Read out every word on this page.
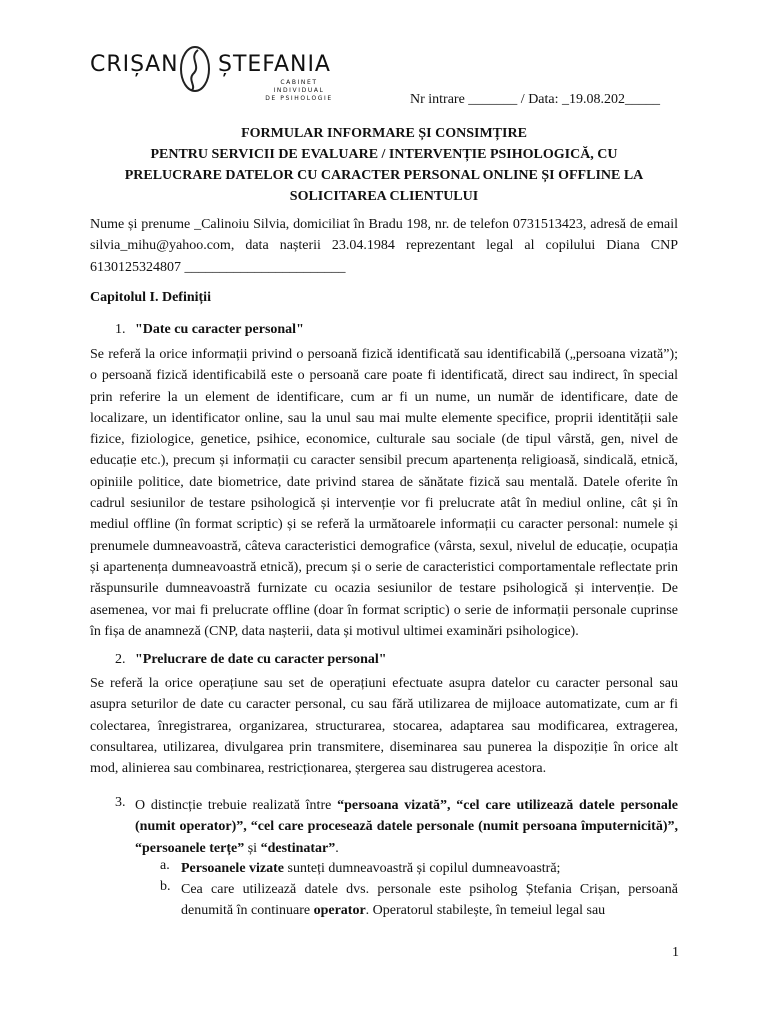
CRIȘAN ȘTEFANIA
CABINET INDIVIDUAL
DE PSIHOLOGIE	Nr intrare _______ / Data: _19.08.202_____
FORMULAR INFORMARE ȘI CONSIMȚIRE
PENTRU SERVICII DE EVALUARE / INTERVENȚIE PSIHOLOGICĂ, CU
PRELUCRARE DATELOR CU CARACTER PERSONAL ONLINE ȘI OFFLINE LA
SOLICITAREA CLIENTULUI
Nume și prenume _Calinoiu Silvia, domiciliat în Bradu 198, nr. de telefon 0731513423, adresă de email silvia_mihu@yahoo.com, data nașterii 23.04.1984 reprezentant legal al copilului Diana CNP 6130125324807 _______________________
Capitolul I. Definiții
1. "Date cu caracter personal"
Se referă la orice informații privind o persoană fizică identificată sau identificabilă („persoana vizată”); o persoană fizică identificabilă este o persoană care poate fi identificată, direct sau indirect, în special prin referire la un element de identificare, cum ar fi un nume, un număr de identificare, date de localizare, un identificator online, sau la unul sau mai multe elemente specifice, proprii identității sale fizice, fiziologice, genetice, psihice, economice, culturale sau sociale (de tipul vârstă, gen, nivel de educație etc.), precum și informații cu caracter sensibil precum apartenența religioasă, sindicală, etnică, opiniile politice, date biometrice, date privind starea de sănătate fizică sau mentală. Datele oferite în cadrul sesiunilor de testare psihologică și intervenție vor fi prelucrate atât în mediul online, cât și în mediul offline (în format scriptic) și se referă la următoarele informații cu caracter personal: numele și prenumele dumneavoastră, câteva caracteristici demografice (vârsta, sexul, nivelul de educație, ocupația și apartenența dumneavoastră etnică), precum și o serie de caracteristici comportamentale reflectate prin răspunsurile dumneavoastră furnizate cu ocazia sesiunilor de testare psihologică și intervenție. De asemenea, vor mai fi prelucrate offline (doar în format scriptic) o serie de informații personale cuprinse în fișa de anamneză (CNP, data nașterii, data și motivul ultimei examinări psihologice).
2. "Prelucrare de date cu caracter personal"
Se referă la orice operațiune sau set de operațiuni efectuate asupra datelor cu caracter personal sau asupra seturilor de date cu caracter personal, cu sau fără utilizarea de mijloace automatizate, cum ar fi colectarea, înregistrarea, organizarea, structurarea, stocarea, adaptarea sau modificarea, extragerea, consultarea, utilizarea, divulgarea prin transmitere, diseminarea sau punerea la dispoziție în orice alt mod, alinierea sau combinarea, restricționarea, ștergerea sau distrugerea acestora.
3. O distincție trebuie realizată între “persoana vizată”, “cel care utilizează datele personale (numit operator)”, “cel care procesează datele personale (numit persoana împuternicită)”, “persoanele terțe” și “destinatar”.
a. Persoanele vizate sunteți dumneavoastră și copilul dumneavoastră;
b. Cea care utilizează datele dvs. personale este psiholog Ștefania Crișan, persoană denumită în continuare operator. Operatorul stabilește, în temeiul legal sau
1
